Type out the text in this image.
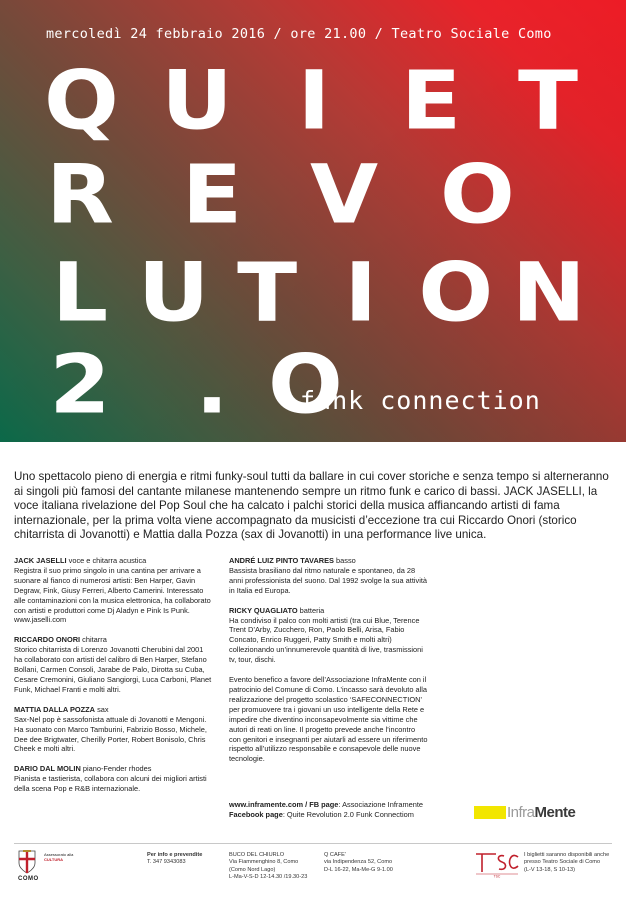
mercoledì 24 febbraio 2016 / ore 21.00 / Teatro Sociale Como
Q U I E T
R E V O
L U T I O N
2 . O
funk connection

Uno spettacolo pieno di energia e ritmi funky-soul tutti da ballare in cui cover storiche e senza tempo si alterneranno ai singoli più famosi del cantante milanese mantenendo sempre un ritmo funk e carico di bassi. JACK JASELLI, la voce italiana rivelazione del Pop Soul che ha calcato i palchi storici della musica affiancando artisti di fama internazionale, per la prima volta viene accompagnato da musicisti d’eccezione tra cui Riccardo Onori (storico chitarrista di Jovanotti) e Mattia dalla Pozza (sax di Jovanotti) in una performance live unica.

JACK JASELLI voce e chitarra acustica
Registra il suo primo singolo in una cantina per arrivare a suonare al fianco di numerosi artisti: Ben Harper, Gavin Degraw, Fink, Giusy Ferreri, Alberto Camerini. Interessato alle contaminazioni con la musica elettronica, ha collaborato con artisti e produttori come Dj Aladyn e Pink Is Punk. www.jaselli.com
RICCARDO ONORI chitarra
Storico chitarrista di Lorenzo Jovanotti Cherubini dal 2001 ha collaborato con artisti del calibro di Ben Harper, Stefano Bollani, Carmen Consoli, Jarabe de Palo, Dirotta su Cuba, Cesare Cremonini, Giuliano Sangiorgi, Luca Carboni, Planet Funk, Michael Franti e molti altri.
MATTIA DALLA POZZA sax
Sax-Nel pop è sassofonista attuale di Jovanotti e Mengoni. Ha suonato con Marco Tamburini, Fabrizio Bosso, Michele, Dee dee Brigtwater, Cherilly Porter, Robert Bonisolo, Chris Cheek e molti altri.
DARIO DAL MOLIN piano-Fender rhodes
Pianista e tastierista, collabora con alcuni dei migliori artisti della scena Pop e R&B internazionale.
ANDRÉ LUIZ PINTO TAVARES basso
Bassista brasiliano dal ritmo naturale e spontaneo, da 28 anni professionista del suono. Dal 1992 svolge la sua attività in Italia ed Europa.
RICKY QUAGLIATO batteria
Ha condiviso il palco con molti artisti (tra cui Blue, Terence Trent D’Arby, Zucchero, Ron, Paolo Belli, Arisa, Fabio Concato, Enrico Ruggeri, Patty Smith e molti altri) collezionando un’innumerevole quantità di live, trasmissioni tv, tour, dischi.
Evento benefico a favore dell’Associazione InfraMente con il patrocinio del Comune di Como. L’incasso sarà devoluto alla realizzazione del progetto scolastico ‘SAFECONNECTION’ per promuovere tra i giovani un uso intelligente della Rete e impedire che diventino inconsapevolmente sia vittime che autori di reati on line. Il progetto prevede anche l’incontro con genitori e insegnanti per aiutarli ad essere un riferimento rispetto all’utilizzo responsabile e consapevole delle nuove tecnologie.
www.inframente.com / FB page: Associazione Inframente
Facebook page: Quite Revolution 2.0 Funk Connectiom	Infra Mente
Assessorato alla
CULTURA
COMO
Per info e prevendite
T. 347 9343083
BUCO DEL CHIURLO
Via Fiammenghino 8, Como
(Como Nord Lago)
L-Ma-V-S-D 12-14.30 /19.30-23
Q CAFE’
via Indipendenza 52, Como
D-L 16-22, Ma-Me-G 9-1.00
TSC
I biglietti saranno disponibili anche
presso Teatro Sociale di Como
(L-V 13-18, S 10-13)
